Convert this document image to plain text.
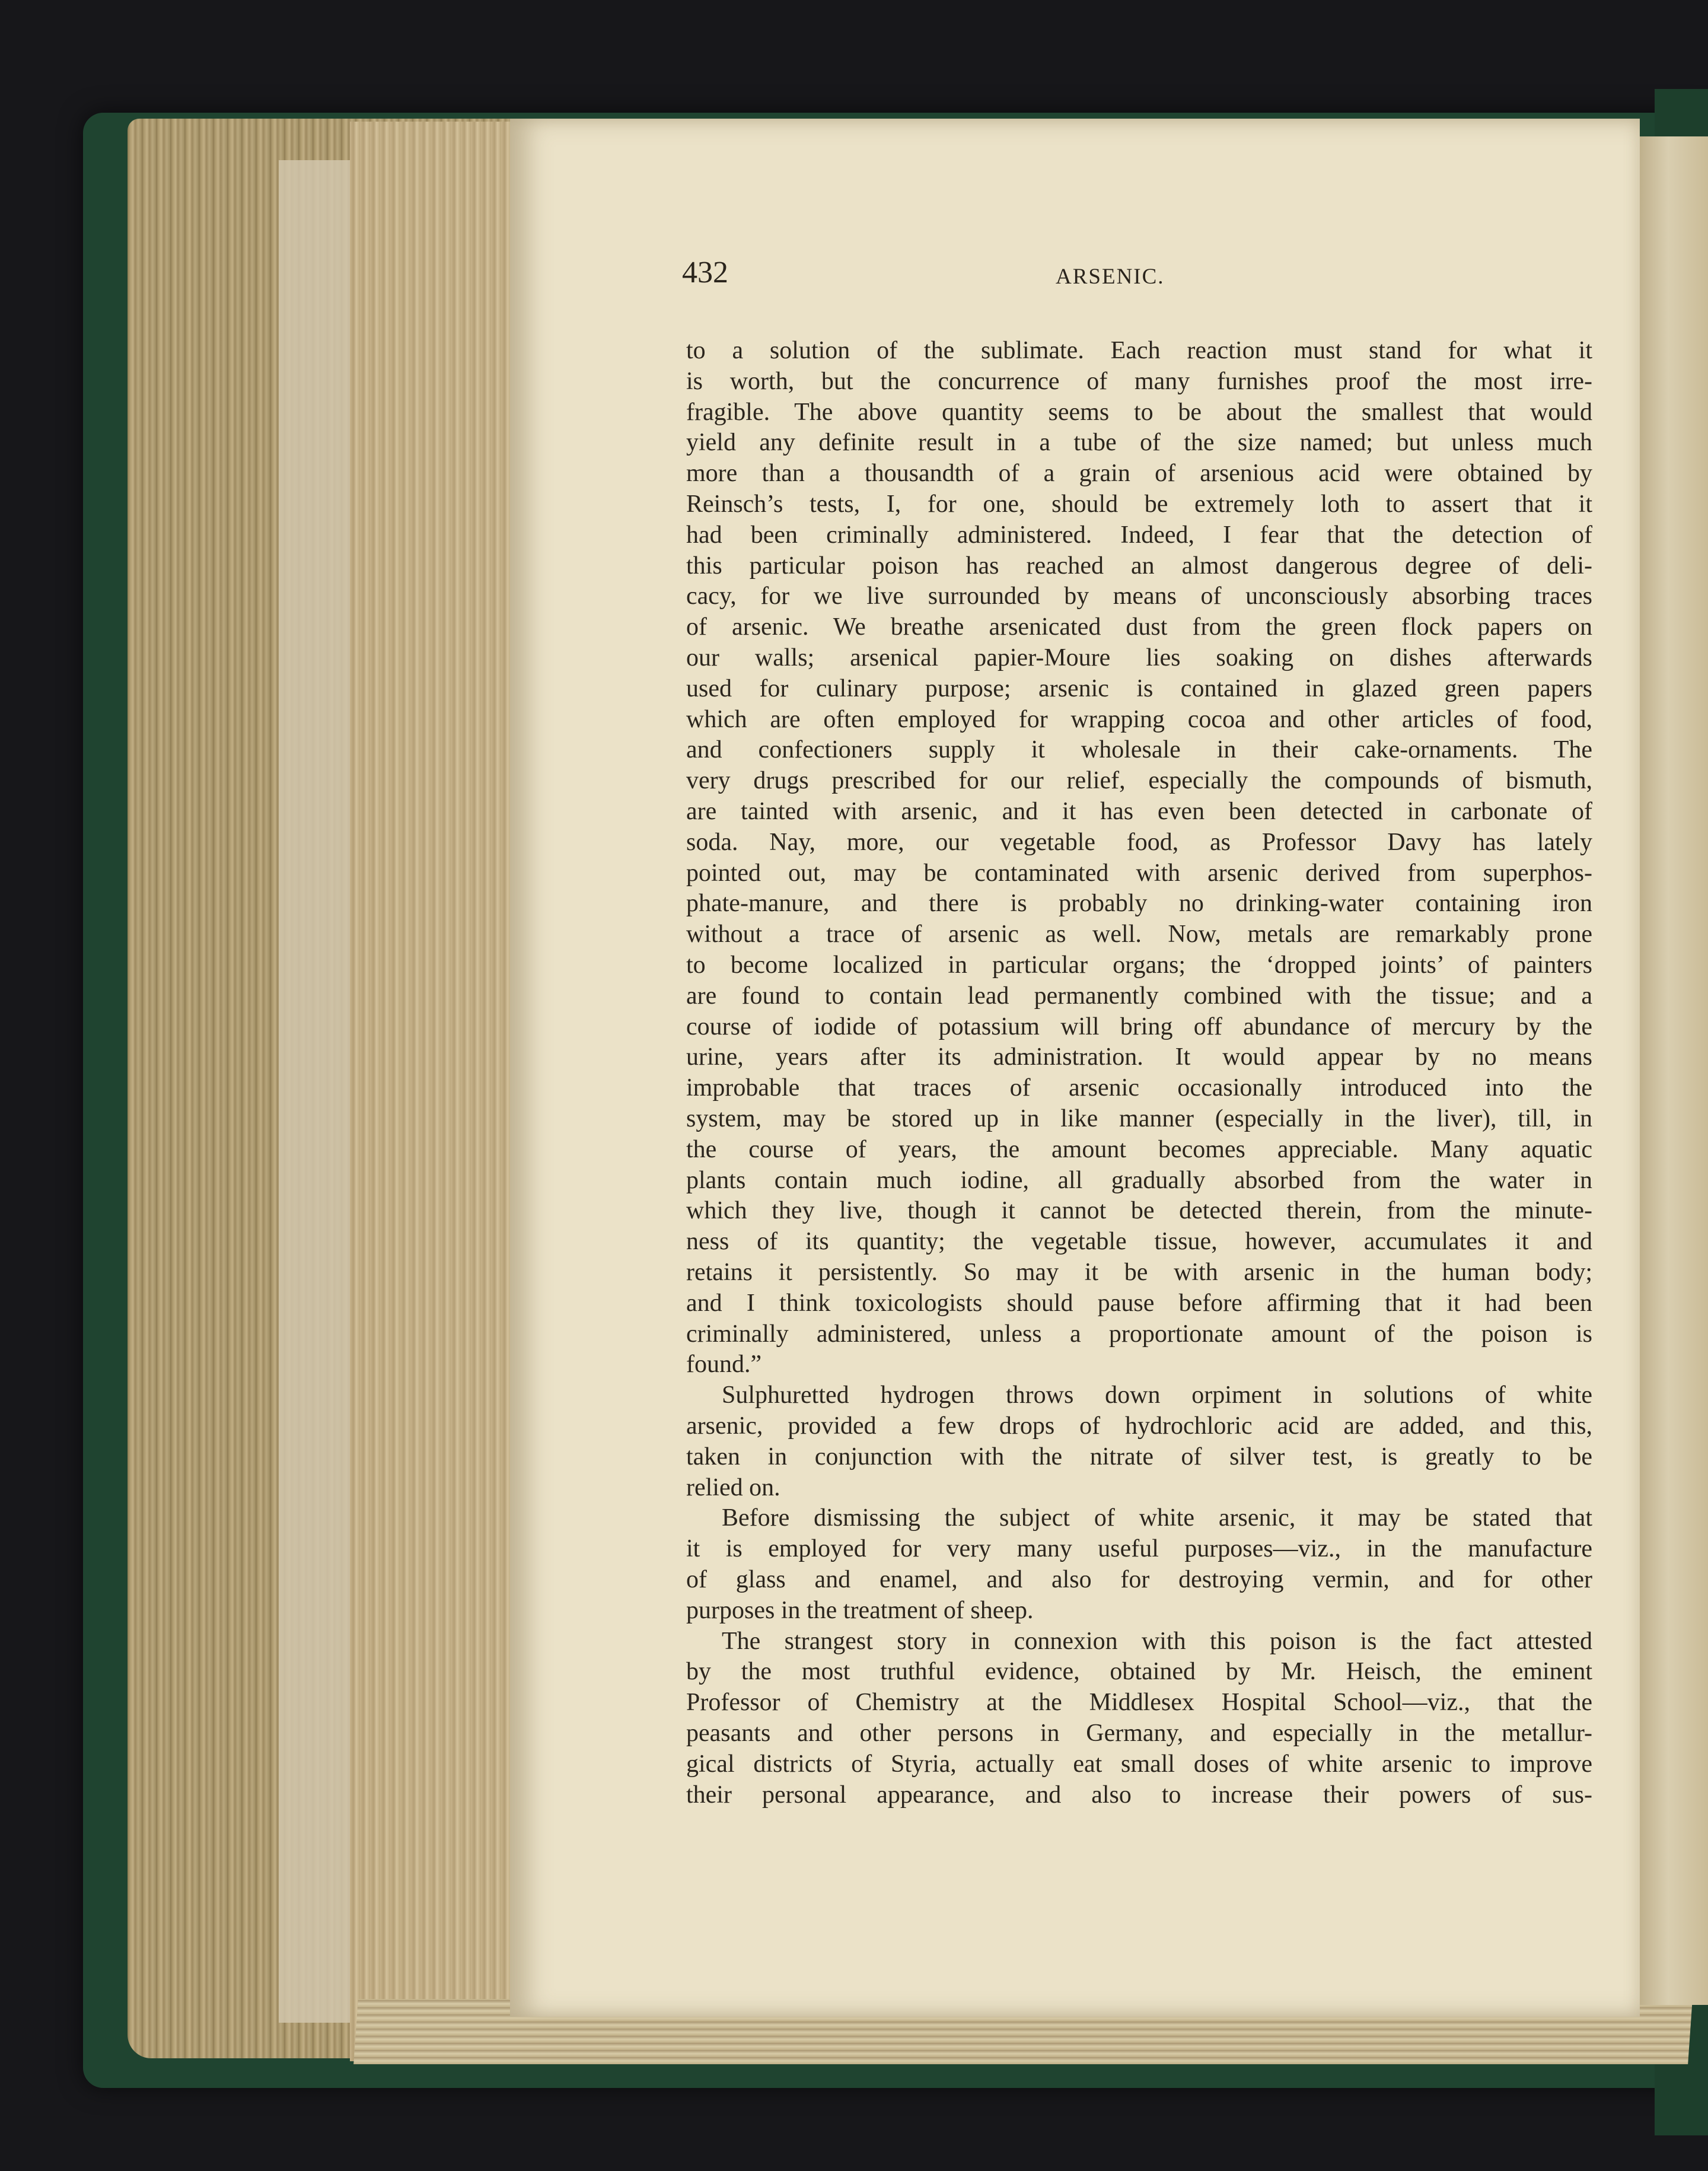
432	ARSENIC.
to a solution of the sublimate. Each reaction must stand for what it
is worth, but the concurrence of many furnishes proof the most irre-
fragible. The above quantity seems to be about the smallest that would
yield any definite result in a tube of the size named; but unless much
more than a thousandth of a grain of arsenious acid were obtained by
Reinsch’s tests, I, for one, should be extremely loth to assert that it
had been criminally administered. Indeed, I fear that the detection of
this particular poison has reached an almost dangerous degree of deli-
cacy, for we live surrounded by means of unconsciously absorbing traces
of arsenic. We breathe arsenicated dust from the green flock papers on
our walls; arsenical papier-Moure lies soaking on dishes afterwards
used for culinary purpose; arsenic is contained in glazed green papers
which are often employed for wrapping cocoa and other articles of food,
and confectioners supply it wholesale in their cake-ornaments. The
very drugs prescribed for our relief, especially the compounds of bismuth,
are tainted with arsenic, and it has even been detected in carbonate of
soda. Nay, more, our vegetable food, as Professor Davy has lately
pointed out, may be contaminated with arsenic derived from superphos-
phate-manure, and there is probably no drinking-water containing iron
without a trace of arsenic as well. Now, metals are remarkably prone
to become localized in particular organs; the ‘dropped joints’ of painters
are found to contain lead permanently combined with the tissue; and a
course of iodide of potassium will bring off abundance of mercury by the
urine, years after its administration. It would appear by no means
improbable that traces of arsenic occasionally introduced into the
system, may be stored up in like manner (especially in the liver), till, in
the course of years, the amount becomes appreciable. Many aquatic
plants contain much iodine, all gradually absorbed from the water in
which they live, though it cannot be detected therein, from the minute-
ness of its quantity; the vegetable tissue, however, accumulates it and
retains it persistently. So may it be with arsenic in the human body;
and I think toxicologists should pause before affirming that it had been
criminally administered, unless a proportionate amount of the poison is
found.”
Sulphuretted hydrogen throws down orpiment in solutions of white
arsenic, provided a few drops of hydrochloric acid are added, and this,
taken in conjunction with the nitrate of silver test, is greatly to be
relied on.
Before dismissing the subject of white arsenic, it may be stated that
it is employed for very many useful purposes—viz., in the manufacture
of glass and enamel, and also for destroying vermin, and for other
purposes in the treatment of sheep.
The strangest story in connexion with this poison is the fact attested
by the most truthful evidence, obtained by Mr. Heisch, the eminent
Professor of Chemistry at the Middlesex Hospital School—viz., that the
peasants and other persons in Germany, and especially in the metallur-
gical districts of Styria, actually eat small doses of white arsenic to improve
their personal appearance, and also to increase their powers of sus-
